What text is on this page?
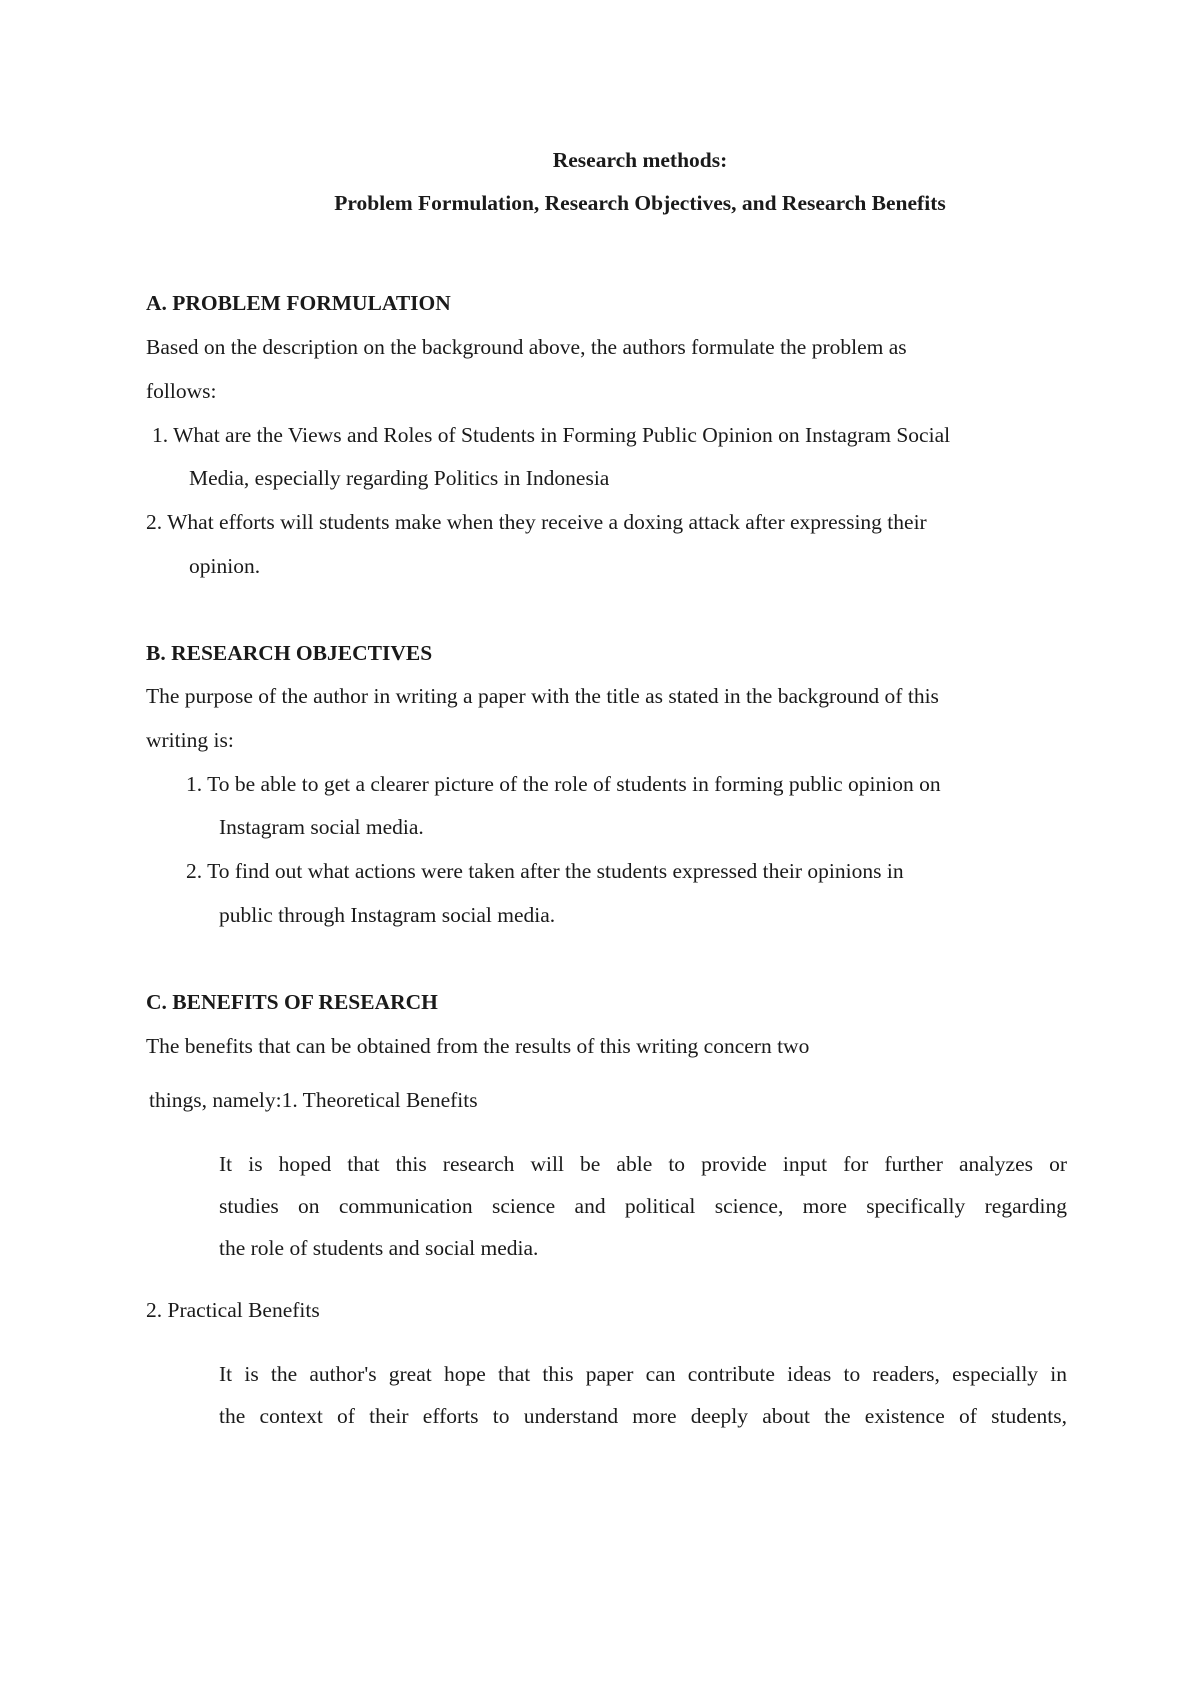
Research methods:
Problem Formulation, Research Objectives, and Research Benefits
A. PROBLEM FORMULATION
Based on the description on the background above, the authors formulate the problem as
follows:
1. What are the Views and Roles of Students in Forming Public Opinion on Instagram Social
Media, especially regarding Politics in Indonesia
2. What efforts will students make when they receive a doxing attack after expressing their
opinion.
B. RESEARCH OBJECTIVES
The purpose of the author in writing a paper with the title as stated in the background of this
writing is:
1. To be able to get a clearer picture of the role of students in forming public opinion on
Instagram social media.
2. To find out what actions were taken after the students expressed their opinions in
public through Instagram social media.
C. BENEFITS OF RESEARCH
The benefits that can be obtained from the results of this writing concern two
things, namely:1. Theoretical Benefits
It is hoped that this research will be able to provide input for further analyzes or
studies on communication science and political science, more specifically regarding
the role of students and social media.
2. Practical Benefits
It is the author's great hope that this paper can contribute ideas to readers, especially in
the context of their efforts to understand more deeply about the existence of students,
